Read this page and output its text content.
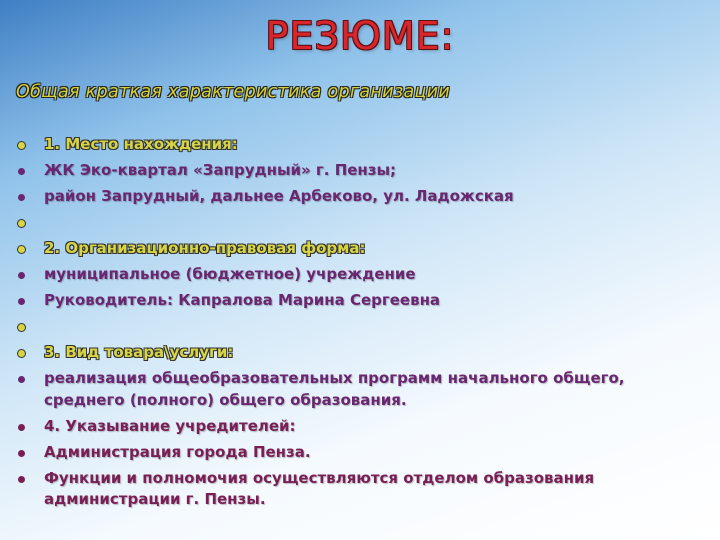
РЕЗЮМЕ:
Общая краткая характеристика организации
1. Место нахождения:
ЖК Эко-квартал «Запрудный» г. Пензы;
район Запрудный, дальнее Арбеково, ул. Ладожская
2. Организационно-правовая форма:
муниципальное (бюджетное) учреждение
Руководитель: Капралова Марина Сергеевна
3. Вид товара\услуги:
реализация общеобразовательных программ начального общего, среднего (полного) общего образования.
4. Указывание учредителей:
Администрация города Пенза.
Функции и полномочия осуществляются отделом образования администрации г. Пензы.
